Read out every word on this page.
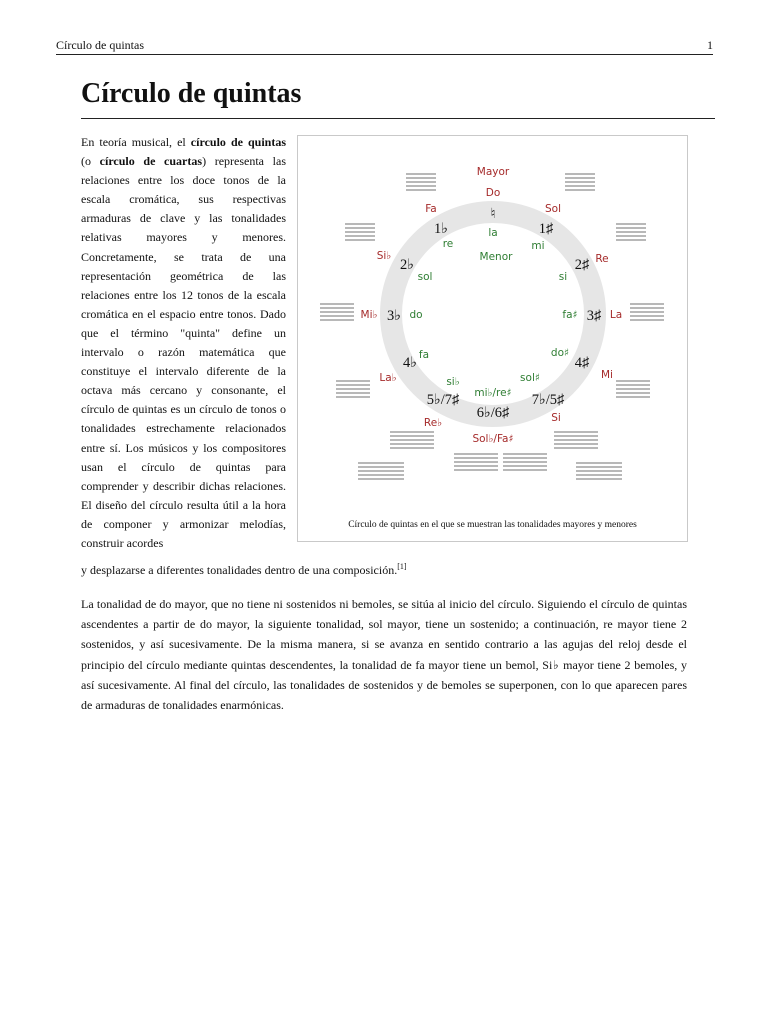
Círculo de quintas	1
Círculo de quintas

En teoría musical, el círculo de quintas (o círculo de cuartas) representa las relaciones entre los doce tonos de la escala cromática, sus respectivas armaduras de clave y las tonalidades relativas mayores y menores. Concretamente, se trata de una representación geométrica de las relaciones entre los 12 tonos de la escala cromática en el espacio entre tonos. Dado que el término "quinta" define un intervalo o razón matemática que constituye el intervalo diferente de la octava más cercano y consonante, el círculo de quintas es un círculo de tonos o tonalidades estrechamente relacionados entre sí. Los músicos y los compositores usan el círculo de quintas para comprender y describir dichas relaciones. El diseño del círculo resulta útil a la hora de componer y armonizar melodías, construir acordes

y desplazarse a diferentes tonalidades dentro de una composición.[1]

Mayor
Do
♮
la
Menor
Sol
Re
La
Mi
Si
Sol♭/Fa♯
Re♭
La♭
Mi♭
Si♭
Fa
mi
si
fa♯
do♯
sol♯
mi♭/re♯
si♭
fa
do
sol
re
1♯
2♯
3♯
4♯
7♭/5♯
6♭/6♯
5♭/7♯
4♭
3♭
2♭
1♭
Círculo de quintas en el que se muestran las tonalidades mayores y menores

La tonalidad de do mayor, que no tiene ni sostenidos ni bemoles, se sitúa al inicio del círculo. Siguiendo el círculo de quintas ascendentes a partir de do mayor, la siguiente tonalidad, sol mayor, tiene un sostenido; a continuación, re mayor tiene 2 sostenidos, y así sucesivamente. De la misma manera, si se avanza en sentido contrario a las agujas del reloj desde el principio del círculo mediante quintas descendentes, la tonalidad de fa mayor tiene un bemol, Si♭ mayor tiene 2 bemoles, y así sucesivamente. Al final del círculo, las tonalidades de sostenidos y de bemoles se superponen, con lo que aparecen pares de armaduras de tonalidades enarmónicas.
